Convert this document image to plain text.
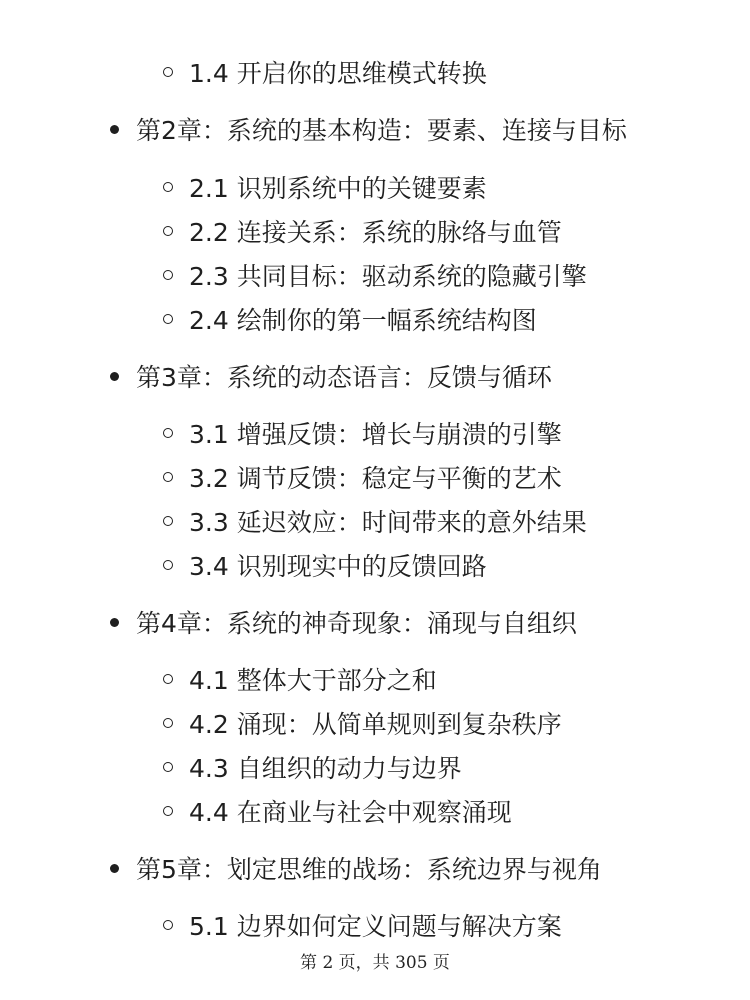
1.4 开启你的思维模式转换
第2章：系统的基本构造：要素、连接与目标
2.1 识别系统中的关键要素
2.2 连接关系：系统的脉络与血管
2.3 共同目标：驱动系统的隐藏引擎
2.4 绘制你的第一幅系统结构图
第3章：系统的动态语言：反馈与循环
3.1 增强反馈：增长与崩溃的引擎
3.2 调节反馈：稳定与平衡的艺术
3.3 延迟效应：时间带来的意外结果
3.4 识别现实中的反馈回路
第4章：系统的神奇现象：涌现与自组织
4.1 整体大于部分之和
4.2 涌现：从简单规则到复杂秩序
4.3 自组织的动力与边界
4.4 在商业与社会中观察涌现
第5章：划定思维的战场：系统边界与视角
5.1 边界如何定义问题与解决方案
第 2 页，共 305 页
